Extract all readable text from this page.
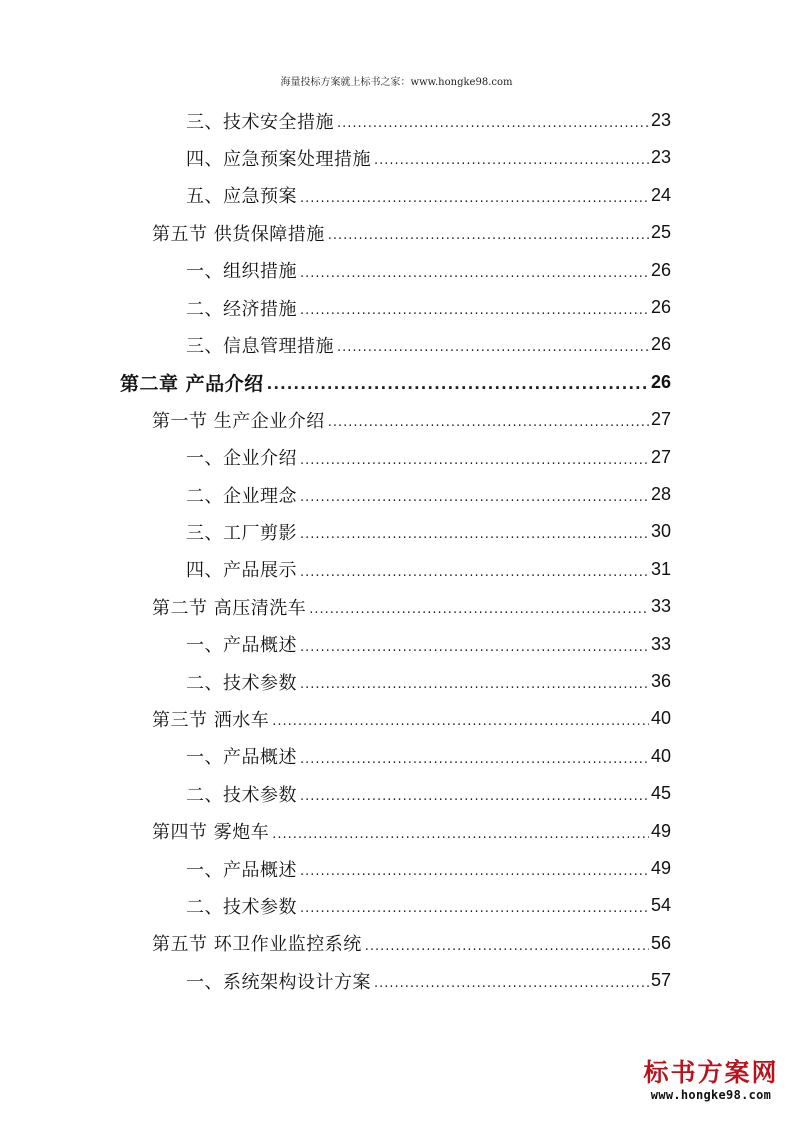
海量投标方案就上标书之家：www.hongke98.com
三、技术安全措施 .....	23
四、应急预案处理措施 .....	23
五、应急预案 .....	24
第五节 供货保障措施 .....	25
一、组织措施 .....	26
二、经济措施 .....	26
三、信息管理措施 .....	26
第二章 产品介绍 .....	26
第一节 生产企业介绍 .....	27
一、企业介绍 .....	27
二、企业理念 .....	28
三、工厂剪影 .....	30
四、产品展示 .....	31
第二节 高压清洗车 .....	33
一、产品概述 .....	33
二、技术参数 .....	36
第三节 洒水车 .....	40
一、产品概述 .....	40
二、技术参数 .....	45
第四节 雾炮车 .....	49
一、产品概述 .....	49
二、技术参数 .....	54
第五节 环卫作业监控系统 .....	56
一、系统架构设计方案 .....	57
标书方案网
www.hongke98.com
